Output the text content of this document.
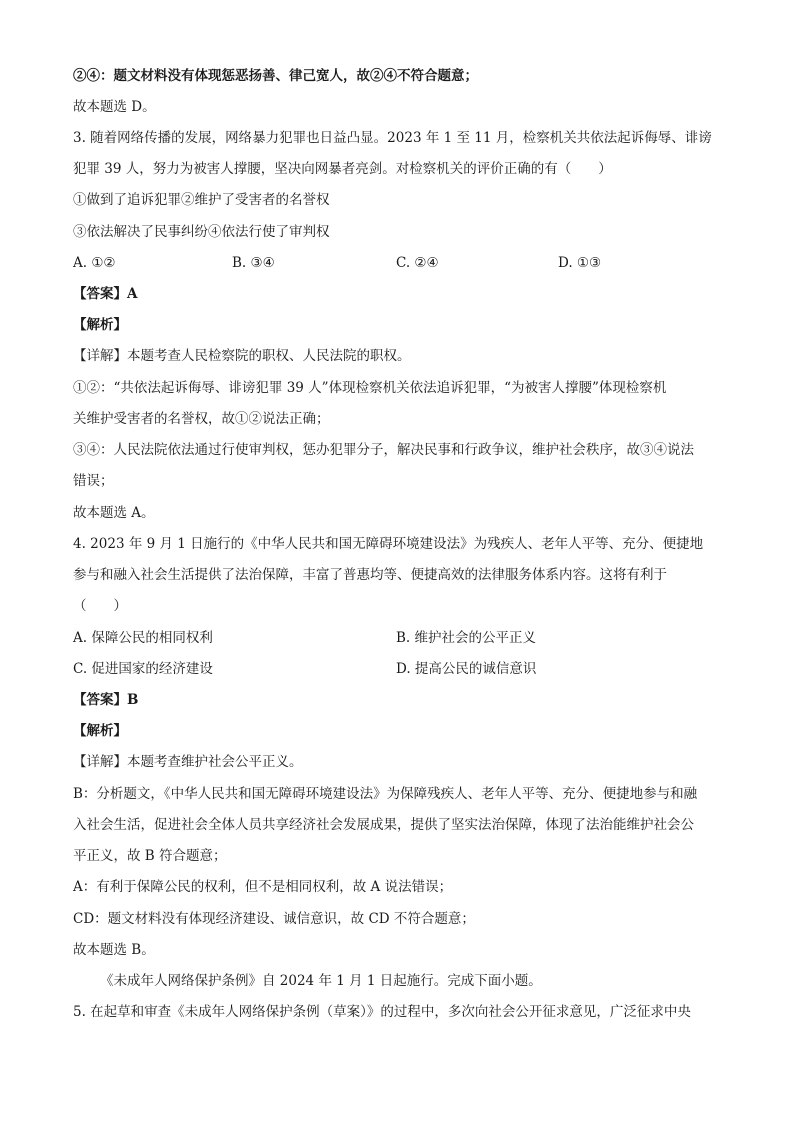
②④：题文材料没有体现惩恶扬善、律己宽人，故②④不符合题意；
故本题选 D。
3. 随着网络传播的发展，网络暴力犯罪也日益凸显。2023 年 1 至 11 月，检察机关共依法起诉侮辱、诽谤
犯罪 39 人，努力为被害人撑腰，坚决向网暴者亮剑。对检察机关的评价正确的有（　　）
①做到了追诉犯罪②维护了受害者的名誉权
③依法解决了民事纠纷④依法行使了审判权
A. ①②	B. ③④	C. ②④	D. ①③
【答案】A
【解析】
【详解】本题考查人民检察院的职权、人民法院的职权。
①②：“共依法起诉侮辱、诽谤犯罪 39 人”体现检察机关依法追诉犯罪，“为被害人撑腰”体现检察机
关维护受害者的名誉权，故①②说法正确；
③④：人民法院依法通过行使审判权，惩办犯罪分子，解决民事和行政争议，维护社会秩序，故③④说法
错误；
故本题选 A。
4. 2023 年 9 月 1 日施行的《中华人民共和国无障碍环境建设法》为残疾人、老年人平等、充分、便捷地
参与和融入社会生活提供了法治保障，丰富了普惠均等、便捷高效的法律服务体系内容。这将有利于
（　　）
A. 保障公民的相同权利	B. 维护社会的公平正义
C. 促进国家的经济建设	D. 提高公民的诚信意识
【答案】B
【解析】
【详解】本题考查维护社会公平正义。
B：分析题文，《中华人民共和国无障碍环境建设法》为保障残疾人、老年人平等、充分、便捷地参与和融
入社会生活，促进社会全体人员共享经济社会发展成果，提供了坚实法治保障，体现了法治能维护社会公
平正义，故 B 符合题意；
A：有利于保障公民的权利，但不是相同权利，故 A 说法错误；
CD：题文材料没有体现经济建设、诚信意识，故 CD 不符合题意；
故本题选 B。
《未成年人网络保护条例》自 2024 年 1 月 1 日起施行。完成下面小题。
5. 在起草和审查《未成年人网络保护条例（草案）》的过程中，多次向社会公开征求意见，广泛征求中央
